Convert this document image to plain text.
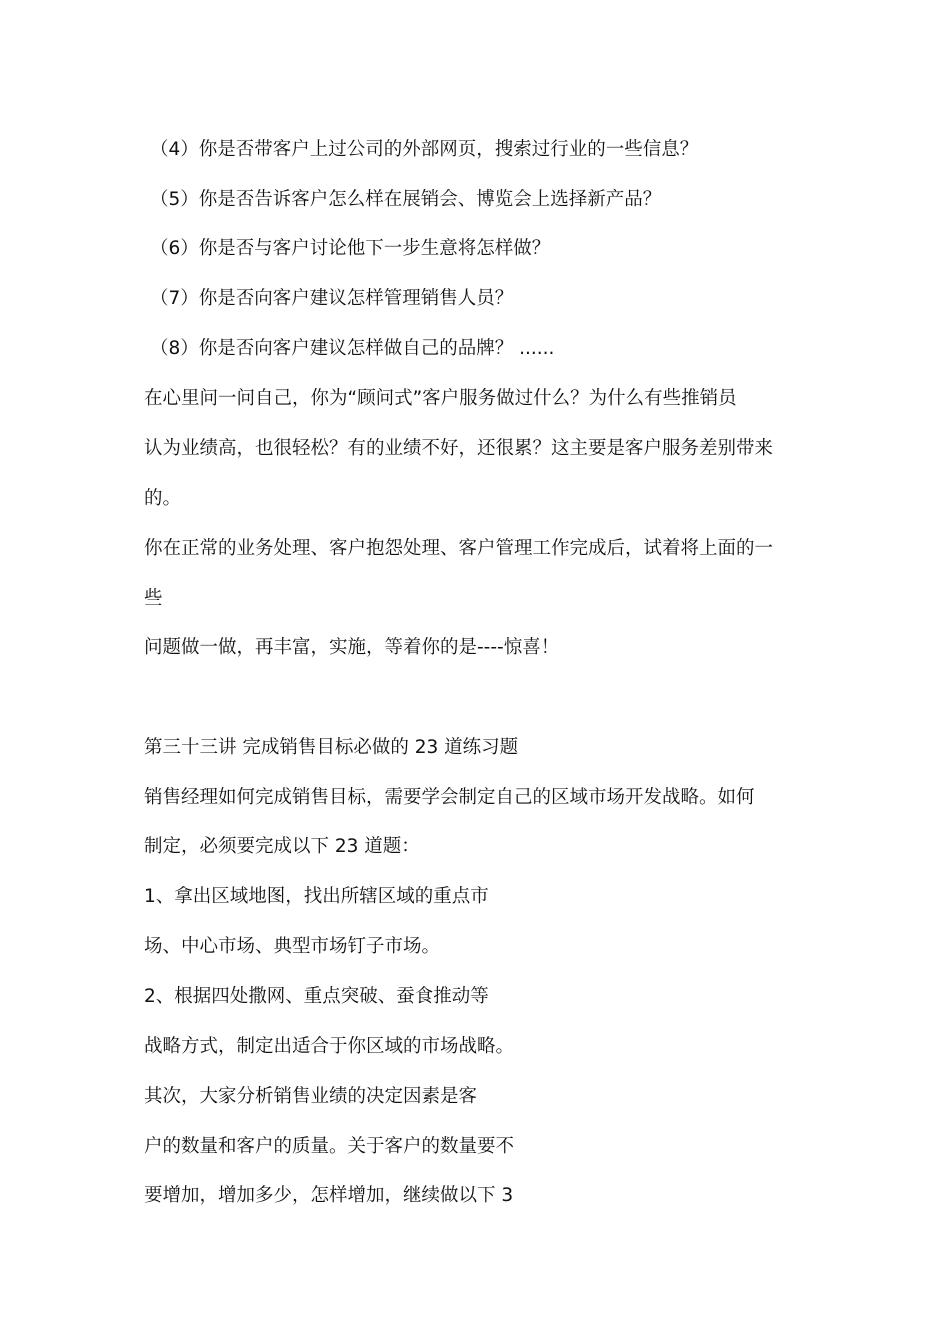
（4）你是否带客户上过公司的外部网页，搜索过行业的一些信息？
（5）你是否告诉客户怎么样在展销会、博览会上选择新产品？
（6）你是否与客户讨论他下一步生意将怎样做？
（7）你是否向客户建议怎样管理销售人员？
（8）你是否向客户建议怎样做自己的品牌？ ......
在心里问一问自己，你为“顾问式”客户服务做过什么？为什么有些推销员
认为业绩高，也很轻松？有的业绩不好，还很累？这主要是客户服务差别带来
的。
你在正常的业务处理、客户抱怨处理、客户管理工作完成后，试着将上面的一
些
问题做一做，再丰富，实施，等着你的是----惊喜！
第三十三讲 完成销售目标必做的 23 道练习题
销售经理如何完成销售目标，需要学会制定自己的区域市场开发战略。如何
制定，必须要完成以下 23 道题：
1、拿出区域地图，找出所辖区域的重点市
场、中心市场、典型市场钉子市场。
2、根据四处撒网、重点突破、蚕食推动等
战略方式，制定出适合于你区域的市场战略。
其次，大家分析销售业绩的决定因素是客
户的数量和客户的质量。关于客户的数量要不
要增加，增加多少，怎样增加，继续做以下 3
